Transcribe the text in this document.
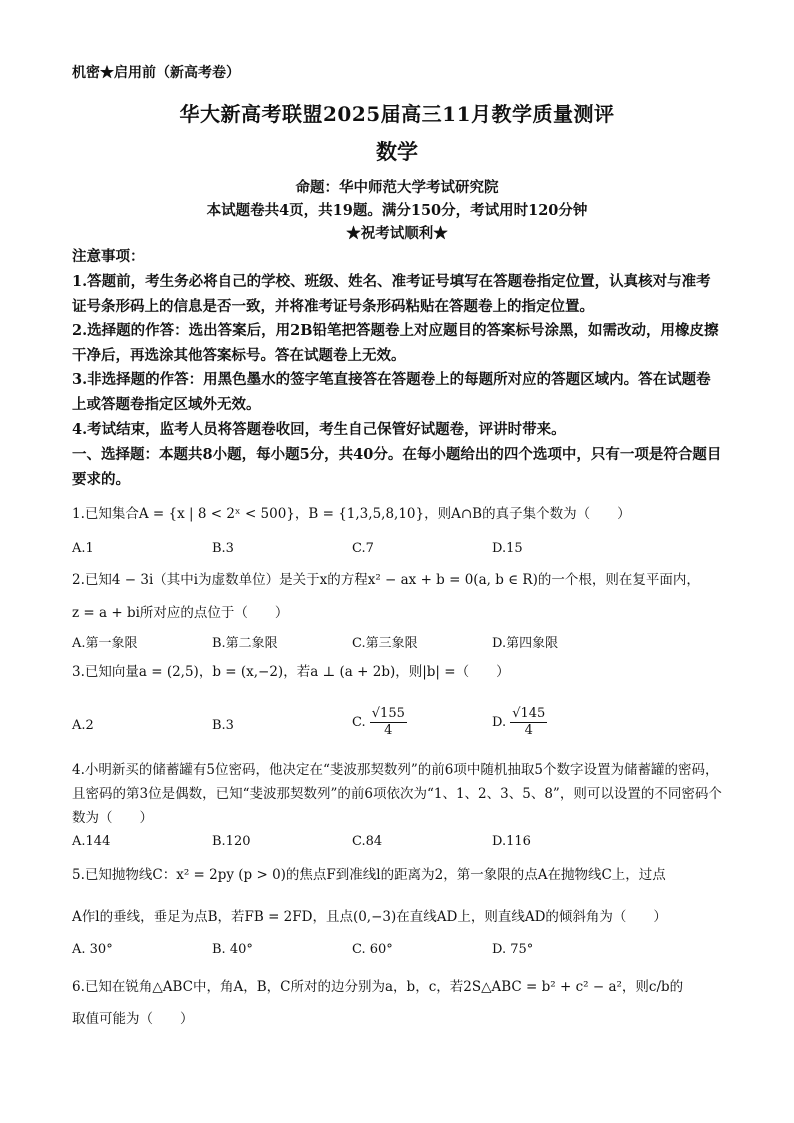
机密★启用前（新高考卷）
华大新高考联盟2025届高三11月教学质量测评
数学
命题：华中师范大学考试研究院
本试题卷共4页，共19题。满分150分，考试用时120分钟
★祝考试顺利★
注意事项：
1.答题前，考生务必将自己的学校、班级、姓名、准考证号填写在答题卷指定位置，认真核对与准考证号条形码上的信息是否一致，并将准考证号条形码粘贴在答题卷上的指定位置。
2.选择题的作答：选出答案后，用2B铅笔把答题卷上对应题目的答案标号涂黑，如需改动，用橡皮擦干净后，再选涂其他答案标号。答在试题卷上无效。
3.非选择题的作答：用黑色墨水的签字笔直接答在答题卷上的每题所对应的答题区域内。答在试题卷上或答题卷指定区域外无效。
4.考试结束，监考人员将答题卷收回，考生自己保管好试题卷，评讲时带来。
一、选择题：本题共8小题，每小题5分，共40分。在每小题给出的四个选项中，只有一项是符合题目要求的。
1.已知集合A = {x | 8 < 2ˣ < 500}，B = {1,3,5,8,10}，则A∩B的真子集个数为（　　）
A.1	B.3	C.7	D.15
2.已知4 − 3i（其中i为虚数单位）是关于x的方程x² − ax + b = 0(a, b ∈ R)的一个根，则在复平面内，
z = a + bi所对应的点位于（　　）
A.第一象限	B.第二象限	C.第三象限	D.第四象限
3.已知向量a = (2,5)，b = (x,−2)，若a ⊥ (a + 2b)，则|b| =（　　）
A.2	B.3	C. $\frac{√155}{4}$	D. $\frac{√145}{4}$
4.小明新买的储蓄罐有5位密码，他决定在“斐波那契数列”的前6项中随机抽取5个数字设置为储蓄罐的密码，且密码的第3位是偶数，已知“斐波那契数列”的前6项依次为“1、1、2、3、5、8”，则可以设置的不同密码个数为（　　）
A.144	B.120	C.84	D.116
5.已知抛物线C：x² = 2py (p > 0)的焦点F到准线l的距离为2，第一象限的点A在抛物线C上，过点
A作l的垂线，垂足为点B，若FB = 2FD，且点(0,−3)在直线AD上，则直线AD的倾斜角为（　　）
A. 30°	B. 40°	C. 60°	D. 75°
6.已知在锐角△ABC中，角A，B，C所对的边分别为a，b，c，若2S△ABC = b² + c² − a²，则c/b的
取值可能为（　　）
